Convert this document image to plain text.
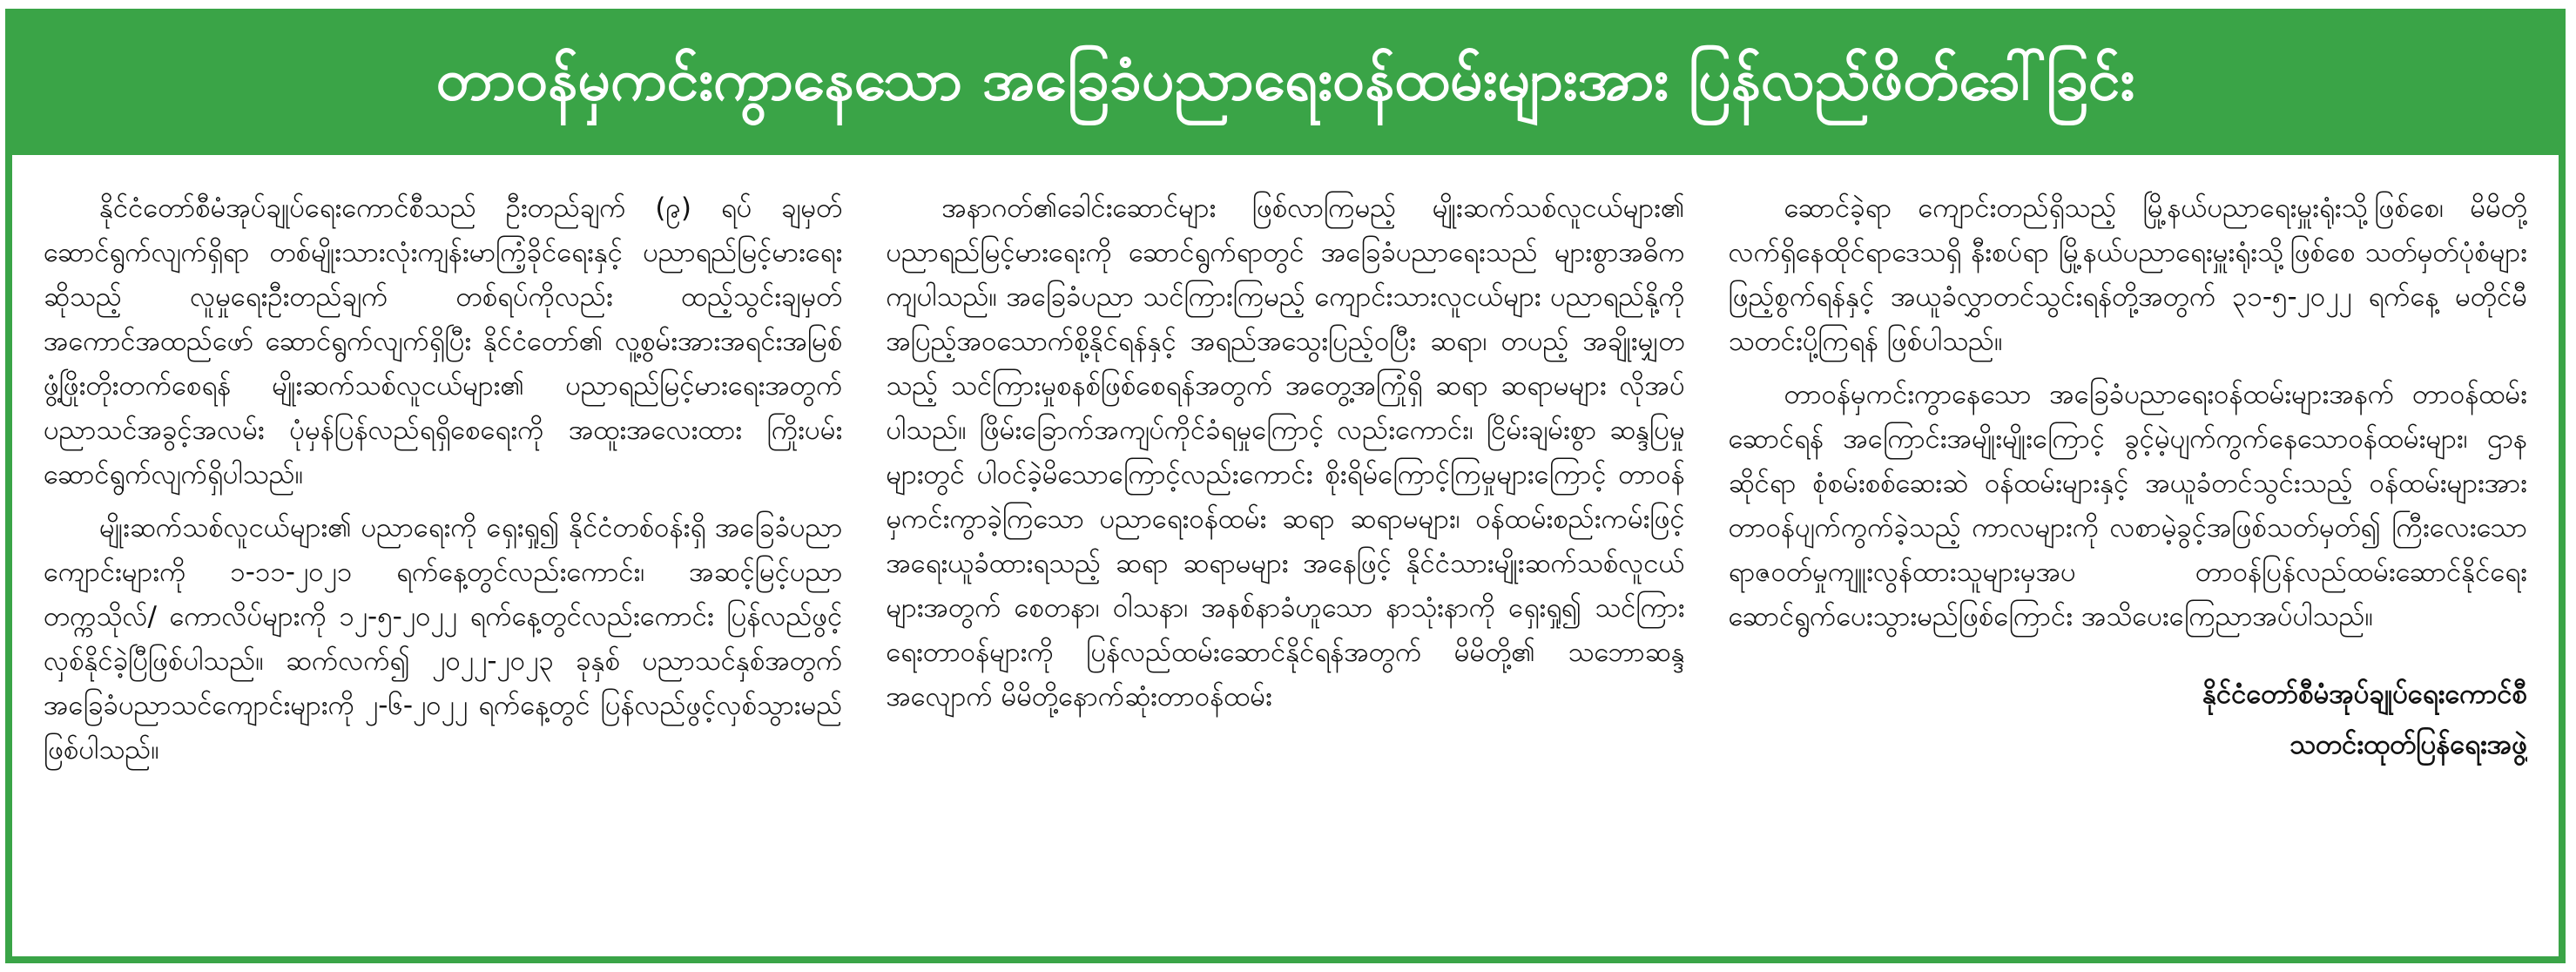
တာဝန်မှကင်းကွာနေသော အခြေခံပညာရေးဝန်ထမ်းများအား ပြန်လည်ဖိတ်ခေါ်ခြင်း

နိုင်ငံတော်စီမံအုပ်ချုပ်ရေးကောင်စီသည် ဦးတည်ချက် (၉) ရပ် ချမှတ်ဆောင်ရွက်လျက်ရှိရာ တစ်မျိုးသားလုံးကျန်းမာကြံ့ခိုင်ရေးနှင့် ပညာရည်မြင့်မားရေးဆိုသည့် လူမှုရေးဦးတည်ချက် တစ်ရပ်ကိုလည်း ထည့်သွင်းချမှတ်အကောင်အထည်ဖော် ဆောင်ရွက်လျက်ရှိပြီး နိုင်ငံတော်၏ လူ့စွမ်းအားအရင်းအမြစ် ဖွံ့ဖြိုးတိုးတက်စေရန် မျိုးဆက်သစ်လူငယ်များ၏ ပညာရည်မြင့်မားရေးအတွက် ပညာသင်အခွင့်အလမ်း ပုံမှန်ပြန်လည်ရရှိစေရေးကို အထူးအလေးထား ကြိုးပမ်းဆောင်ရွက်လျက်ရှိပါသည်။

မျိုးဆက်သစ်လူငယ်များ၏ ပညာရေးကို ရှေးရှု၍ နိုင်ငံတစ်ဝန်းရှိ အခြေခံပညာကျောင်းများကို ၁-၁၁-၂၀၂၁ ရက်နေ့တွင်လည်းကောင်း၊ အဆင့်မြင့်ပညာတက္ကသိုလ်/ ကောလိပ်များကို ၁၂-၅-၂၀၂၂ ရက်နေ့တွင်လည်းကောင်း ပြန်လည်ဖွင့်လှစ်နိုင်ခဲ့ပြီဖြစ်ပါသည်။ ဆက်လက်၍ ၂၀၂၂-၂၀၂၃ ခုနှစ် ပညာသင်နှစ်အတွက် အခြေခံပညာသင်ကျောင်းများကို ၂-၆-၂၀၂၂ ရက်နေ့တွင် ပြန်လည်ဖွင့်လှစ်သွားမည်ဖြစ်ပါသည်။

အနာဂတ်၏ခေါင်းဆောင်များ ဖြစ်လာကြမည့် မျိုးဆက်သစ်လူငယ်များ၏ ပညာရည်မြင့်မားရေးကို ဆောင်ရွက်ရာတွင် အခြေခံပညာရေးသည် များစွာအဓိကကျပါသည်။ အခြေခံပညာ သင်ကြားကြမည့် ကျောင်းသားလူငယ်များ ပညာရည်နို့ကို အပြည့်အဝသောက်စို့နိုင်ရန်နှင့် အရည်အသွေးပြည့်ဝပြီး ဆရာ၊ တပည့် အချိုးမျှတသည့် သင်ကြားမှုစနစ်ဖြစ်စေရန်အတွက် အတွေ့အကြုံရှိ ဆရာ ဆရာမများ လိုအပ်ပါသည်။ ဖြိမ်းခြောက်အကျပ်ကိုင်ခံရမှုကြောင့် လည်းကောင်း၊ ငြိမ်းချမ်းစွာ ဆန္ဒပြမှုများတွင် ပါဝင်ခဲ့မိသောကြောင့်လည်းကောင်း စိုးရိမ်ကြောင့်ကြမှုများကြောင့် တာဝန်မှကင်းကွာခဲ့ကြသော ပညာရေးဝန်ထမ်း ဆရာ ဆရာမများ၊ ဝန်ထမ်းစည်းကမ်းဖြင့် အရေးယူခံထားရသည့် ဆရာ ဆရာမများ အနေဖြင့် နိုင်ငံသားမျိုးဆက်သစ်လူငယ်များအတွက် စေတနာ၊ ဝါသနာ၊ အနစ်နာခံဟူသော နာသုံးနာကို ရှေးရှု၍ သင်ကြားရေးတာဝန်များကို ပြန်လည်ထမ်းဆောင်နိုင်ရန်အတွက် မိမိတို့၏ သဘောဆန္ဒအလျောက် မိမိတို့နောက်ဆုံးတာဝန်ထမ်း

ဆောင်ခဲ့ရာ ကျောင်းတည်ရှိသည့် မြို့နယ်ပညာရေးမှူးရုံးသို့ဖြစ်စေ၊ မိမိတို့လက်ရှိနေထိုင်ရာဒေသရှိ နီးစပ်ရာ မြို့နယ်ပညာရေးမှူးရုံးသို့ဖြစ်စေ သတ်မှတ်ပုံစံများဖြည့်စွက်ရန်နှင့် အယူခံလွှာတင်သွင်းရန်တို့အတွက် ၃၁-၅-၂၀၂၂ ရက်နေ့ မတိုင်မီ သတင်းပို့ကြရန် ဖြစ်ပါသည်။

တာဝန်မှကင်းကွာနေသော အခြေခံပညာရေးဝန်ထမ်းများအနက် တာဝန်ထမ်းဆောင်ရန် အကြောင်းအမျိုးမျိုးကြောင့် ခွင့်မဲ့ပျက်ကွက်နေသောဝန်ထမ်းများ၊ ဌာနဆိုင်ရာ စုံစမ်းစစ်ဆေးဆဲ ဝန်ထမ်းများနှင့် အယူခံတင်သွင်းသည့် ဝန်ထမ်းများအား တာဝန်ပျက်ကွက်ခဲ့သည့် ကာလများကို လစာမဲ့ခွင့်အဖြစ်သတ်မှတ်၍ ကြီးလေးသော ရာဇဝတ်မှုကျူးလွန်ထားသူများမှအပ တာဝန်ပြန်လည်ထမ်းဆောင်နိုင်ရေး ဆောင်ရွက်ပေးသွားမည်ဖြစ်ကြောင်း အသိပေးကြေညာအပ်ပါသည်။

နိုင်ငံတော်စီမံအုပ်ချုပ်ရေးကောင်စီ
သတင်းထုတ်ပြန်ရေးအဖွဲ့
